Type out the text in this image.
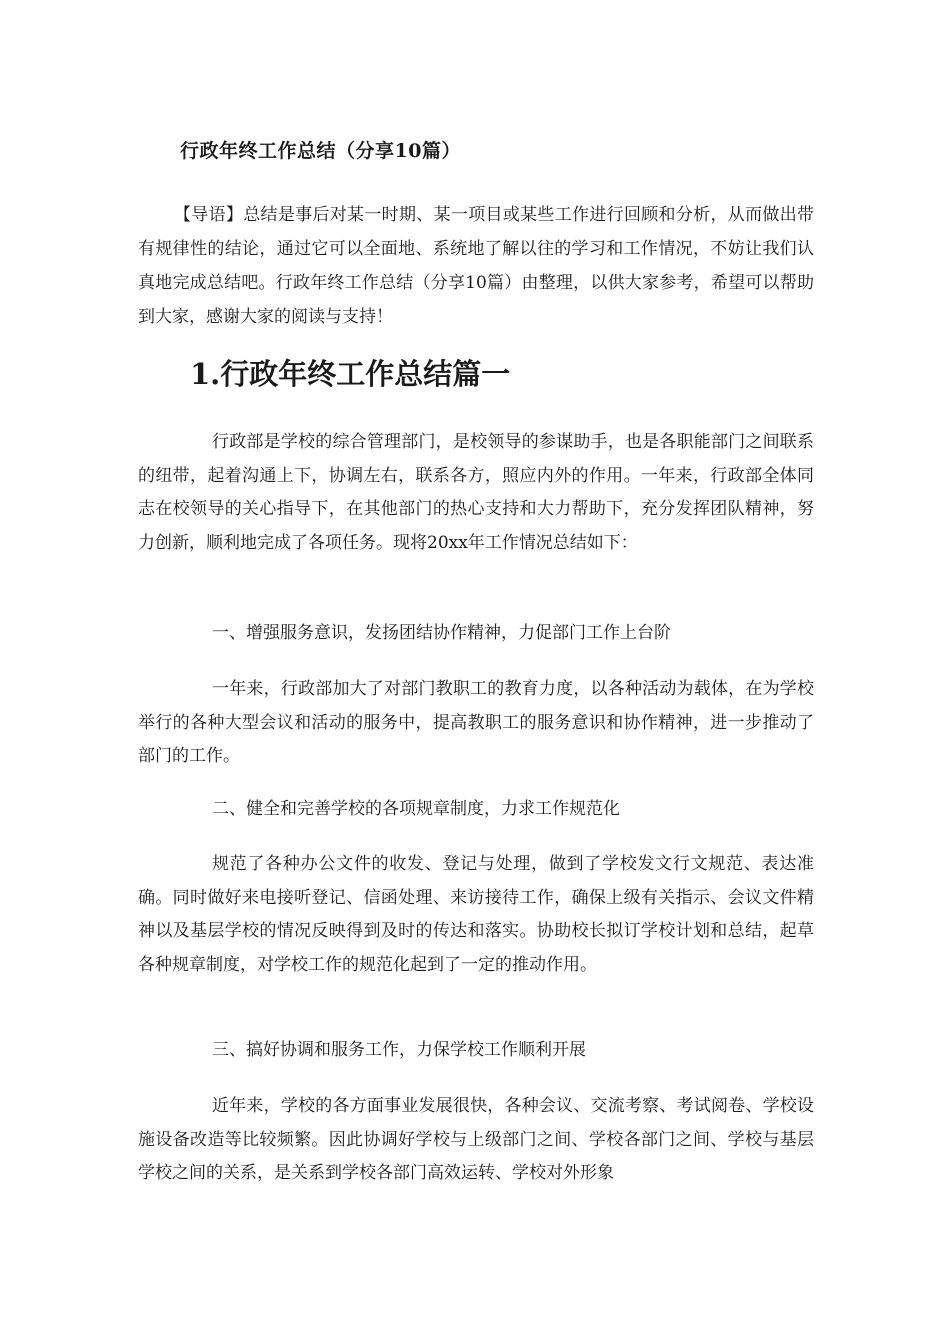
行政年终工作总结（分享10篇）

【导语】总结是事后对某一时期、某一项目或某些工作进行回顾和分析，从而做出带有规律性的结论，通过它可以全面地、系统地了解以往的学习和工作情况，不妨让我们认真地完成总结吧。行政年终工作总结（分享10篇）由整理，以供大家参考，希望可以帮助到大家，感谢大家的阅读与支持！

1.行政年终工作总结篇一

行政部是学校的综合管理部门，是校领导的参谋助手，也是各职能部门之间联系的纽带，起着沟通上下，协调左右，联系各方，照应内外的作用。一年来，行政部全体同志在校领导的关心指导下，在其他部门的热心支持和大力帮助下，充分发挥团队精神，努力创新，顺利地完成了各项任务。现将20xx年工作情况总结如下：

一、增强服务意识，发扬团结协作精神，力促部门工作上台阶

一年来，行政部加大了对部门教职工的教育力度，以各种活动为载体，在为学校举行的各种大型会议和活动的服务中，提高教职工的服务意识和协作精神，进一步推动了部门的工作。

二、健全和完善学校的各项规章制度，力求工作规范化

规范了各种办公文件的收发、登记与处理，做到了学校发文行文规范、表达准确。同时做好来电接听登记、信函处理、来访接待工作，确保上级有关指示、会议文件精神以及基层学校的情况反映得到及时的传达和落实。协助校长拟订学校计划和总结，起草各种规章制度，对学校工作的规范化起到了一定的推动作用。

三、搞好协调和服务工作，力保学校工作顺利开展

近年来，学校的各方面事业发展很快，各种会议、交流考察、考试阅卷、学校设施设备改造等比较频繁。因此协调好学校与上级部门之间、学校各部门之间、学校与基层学校之间的关系，是关系到学校各部门高效运转、学校对外形象
